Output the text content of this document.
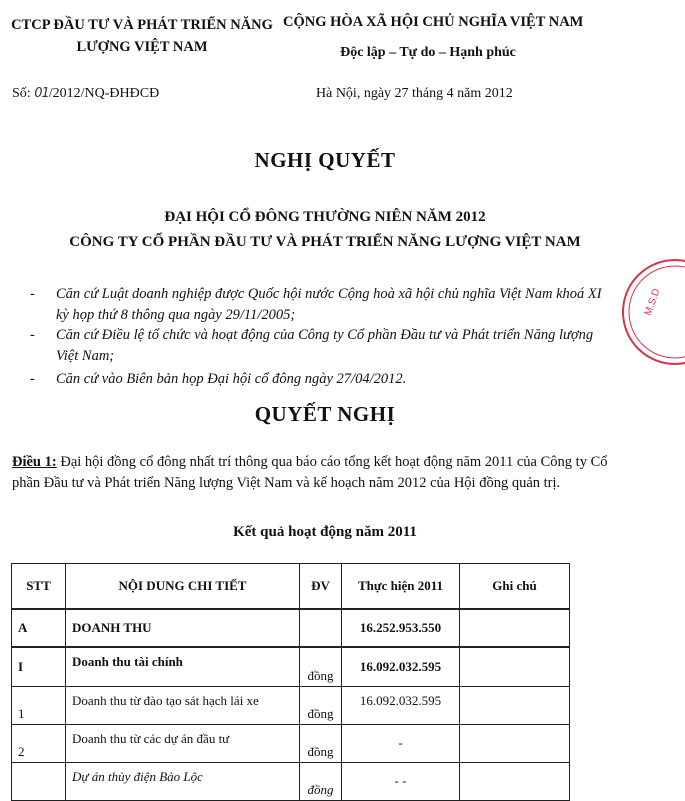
CTCP ĐẦU TƯ VÀ PHÁT TRIỂN NĂNG LƯỢNG VIỆT NAM
CỘNG HÒA XÃ HỘI CHỦ NGHĨA VIỆT NAM
Độc lập – Tự do – Hạnh phúc
Số: 01/2012/NQ-ĐHĐCĐ	Hà Nội, ngày 27 tháng 4 năm 2012
NGHỊ QUYẾT
ĐẠI HỘI CỔ ĐÔNG THƯỜNG NIÊN NĂM 2012
CÔNG TY CỔ PHẦN ĐẦU TƯ VÀ PHÁT TRIỂN NĂNG LƯỢNG VIỆT NAM
-	Căn cứ Luật doanh nghiệp được Quốc hội nước Cộng hoà xã hội chủ nghĩa Việt Nam khoá XI kỳ họp thứ 8 thông qua ngày 29/11/2005;
-	Căn cứ Điều lệ tổ chức và hoạt động của Công ty Cổ phần Đầu tư và Phát triển Năng lượng Việt Nam;
-	Căn cứ vào Biên bản họp Đại hội cổ đông ngày 27/04/2012.
QUYẾT NGHỊ
Điều 1: Đại hội đồng cổ đông nhất trí thông qua báo cáo tổng kết hoạt động năm 2011 của Công ty Cổ phần Đầu tư và Phát triển Năng lượng Việt Nam và kế hoạch năm 2012 của Hội đồng quản trị.
Kết quả hoạt động năm 2011
STT	NỘI DUNG CHI TIẾT	ĐV	Thực hiện 2011	Ghi chú
A	DOANH THU		16.252.953.550	
I	Doanh thu tài chính	đồng	16.092.032.595	
1	Doanh thu từ đào tạo sát hạch lái xe	đồng	16.092.032.595	
2	Doanh thu từ các dự án đầu tư	đồng	-	
	Dự án thủy điện Bảo Lộc	đồng	- -	
M.S.D
